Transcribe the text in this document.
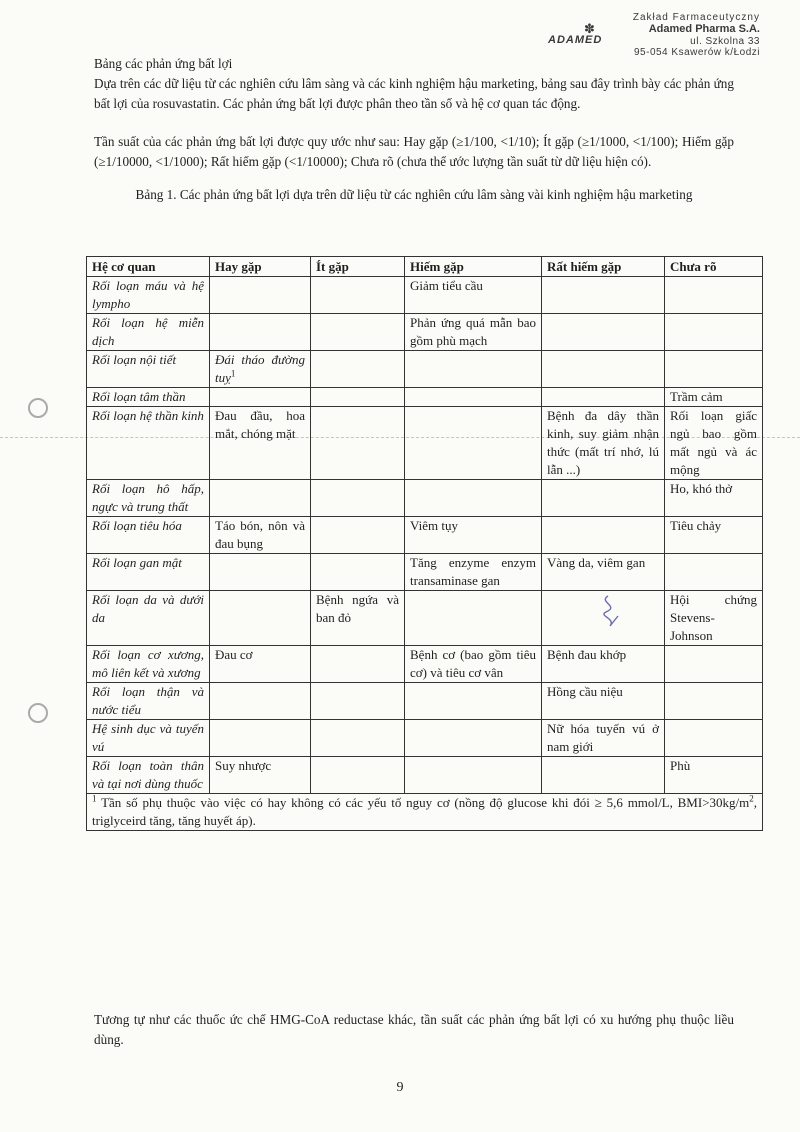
Zakład Farmaceutyczny
✽	Adamed Pharma S.A.
ADAMED	ul. Szkolna 33
95-054 Ksawerów k/Łodzi

Bảng các phản ứng bất lợi

Dựa trên các dữ liệu từ các nghiên cứu lâm sàng và các kinh nghiệm hậu marketing, bảng sau đây trình bày các phản ứng bất lợi của rosuvastatin. Các phản ứng bất lợi được phân theo tần số và hệ cơ quan tác động.

Tần suất của các phản ứng bất lợi được quy ước như sau: Hay gặp (≥1/100, <1/10); Ít gặp (≥1/1000, <1/100); Hiếm gặp (≥1/10000, <1/1000); Rất hiếm gặp (<1/10000); Chưa rõ (chưa thể ước lượng tần suất từ dữ liệu hiện có).

Bảng 1. Các phản ứng bất lợi dựa trên dữ liệu từ các nghiên cứu lâm sàng vài kinh nghiệm hậu marketing
Hệ cơ quan	Hay gặp	Ít gặp	Hiếm gặp	Rất hiếm gặp	Chưa rõ
Rối loạn máu và hệ lympho			Giảm tiểu cầu		
Rối loạn hệ miễn dịch			Phản ứng quá mẫn bao gồm phù mạch		
Rối loạn nội tiết	Đái tháo đường tuỵ$^1$				
Rối loạn tâm thần					Trầm cảm
Rối loạn hệ thần kinh	Đau đầu, hoa mắt, chóng mặt			Bệnh đa dây thần kinh, suy giảm nhận thức (mất trí nhớ, lú lẫn ...)	Rối loạn giấc ngủ bao gồm mất ngủ và ác mộng
Rối loạn hô hấp, ngực và trung thất					Ho, khó thở
Rối loạn tiêu hóa	Táo bón, nôn và đau bụng		Viêm tụy		Tiêu chảy
Rối loạn gan mật			Tăng enzyme enzym transaminase gan	Vàng da, viêm gan	
Rối loạn da và dưới da		Bệnh ngứa và ban đỏ			Hội chứng Stevens-Johnson
Rối loạn cơ xương, mô liên kết và xương	Đau cơ		Bệnh cơ (bao gồm tiêu cơ) và tiêu cơ vân	Bệnh đau khớp	
Rối loạn thận và nước tiểu				Hồng cầu niệu	
Hệ sinh dục và tuyến vú				Nữ hóa tuyến vú ở nam giới	
Rối loạn toàn thân và tại nơi dùng thuốc	Suy nhược				Phù
$^1$ Tần số phụ thuộc vào việc có hay không có các yếu tố nguy cơ (nồng độ glucose khi đói ≥ 5,6 mmol/L, $BMI>30kg/m^2$, triglyceird tăng, tăng huyết áp).					
Tương tự như các thuốc ức chế HMG-CoA reductase khác, tần suất các phản ứng bất lợi có xu hướng phụ thuộc liều dùng.
9
